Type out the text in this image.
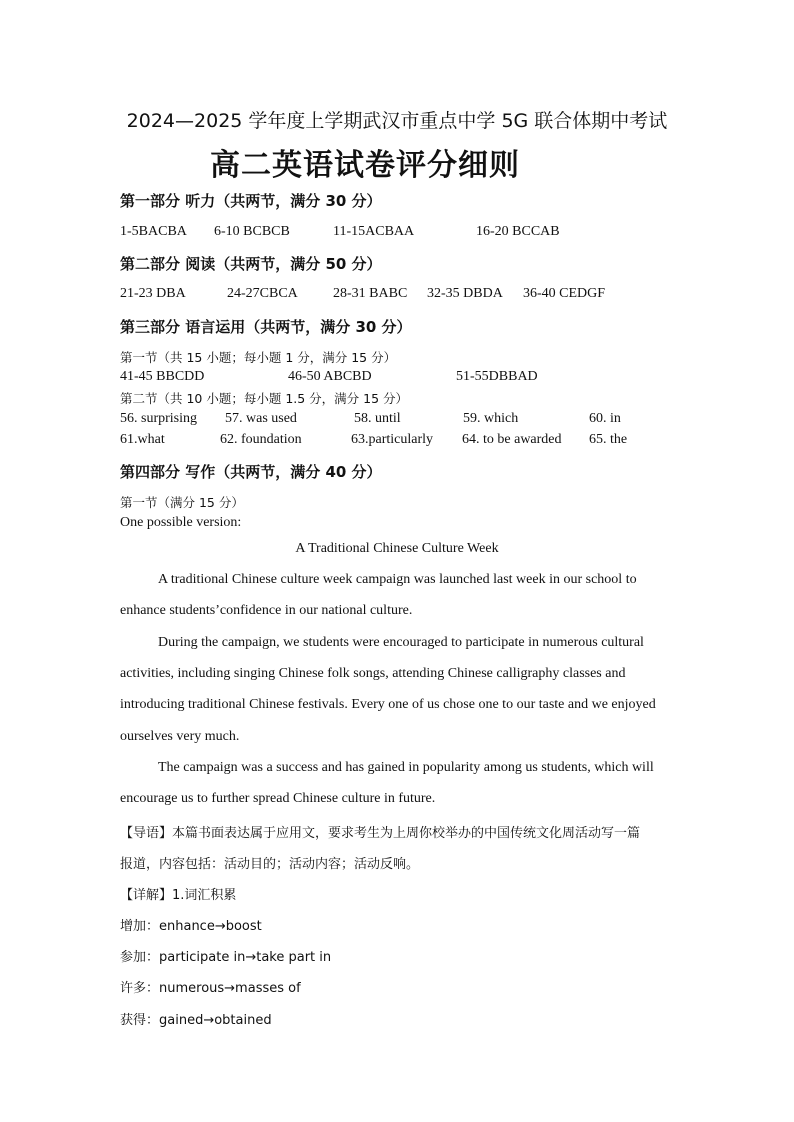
2024—2025 学年度上学期武汉市重点中学 5G 联合体期中考试
高二英语试卷评分细则
第一部分 听力（共两节，满分 30 分）
1-5BACBA 6-10 BCBCB	11-15ACBAA	16-20 BCCAB
第二部分 阅读（共两节，满分 50 分）
21-23 DBA	24-27CBCA	28-31 BABC 32-35 DBDA 36-40 CEDGF
第三部分 语言运用（共两节，满分 30 分）
第一节（共 15 小题；每小题 1 分，满分 15 分）
41-45 BBCDD	46-50 ABCBD	51-55DBBAD
第二节（共 10 小题；每小题 1.5 分，满分 15 分）
56. surprising 57. was used	58. until	59. which	60. in
61.what	62. foundation	63.particularly 64. to be awarded 65. the
第四部分 写作（共两节，满分 40 分）
第一节（满分 15 分）
One possible version:
A Traditional Chinese Culture Week
A traditional Chinese culture week campaign was launched last week in our school to
enhance students’confidence in our national culture.
During the campaign, we students were encouraged to participate in numerous cultural
activities, including singing Chinese folk songs, attending Chinese calligraphy classes and
introducing traditional Chinese festivals. Every one of us chose one to our taste and we enjoyed
ourselves very much.
The campaign was a success and has gained in popularity among us students, which will
encourage us to further spread Chinese culture in future.
【导语】本篇书面表达属于应用文，要求考生为上周你校举办的中国传统文化周活动写一篇
报道，内容包括：活动目的；活动内容；活动反响。
【详解】1.词汇积累
增加：enhance→boost
参加：participate in→take part in
许多：numerous→masses of
获得：gained→obtained
